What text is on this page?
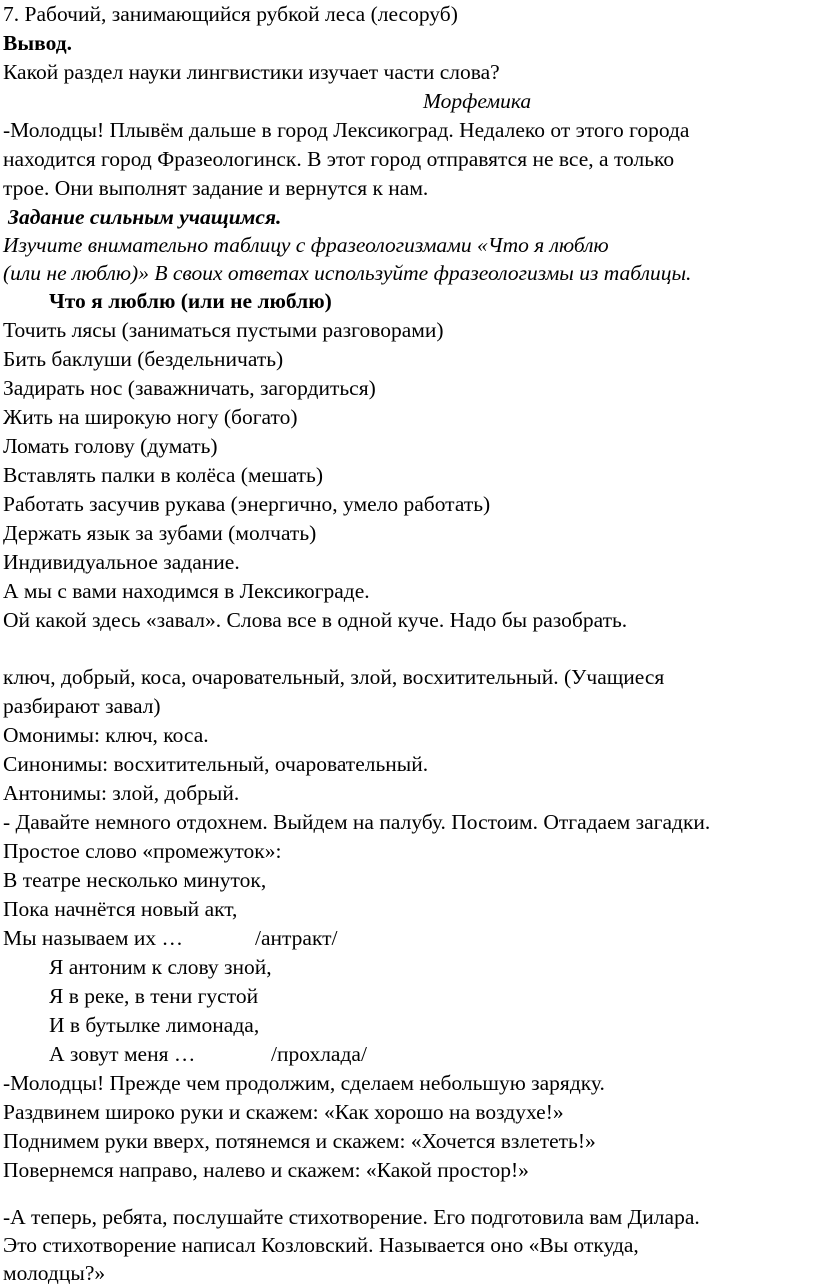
7. Рабочий, занимающийся рубкой леса (лесоруб)
Вывод.
Какой раздел науки лингвистики изучает части слова?
Морфемика
-Молодцы! Плывём дальше в город Лексикоград. Недалеко от этого города
находится город Фразеологинск. В этот город отправятся не все, а только
трое. Они выполнят задание и вернутся к нам.
Задание сильным учащимся.
Изучите внимательно таблицу с фразеологизмами «Что я люблю
(или не люблю)» В своих ответах используйте фразеологизмы из таблицы.
Что я люблю (или не люблю)
Точить лясы (заниматься пустыми разговорами)
Бить баклуши (бездельничать)
Задирать нос (заважничать, загордиться)
Жить на широкую ногу (богато)
Ломать голову (думать)
Вставлять палки в колёса (мешать)
Работать засучив рукава (энергично, умело работать)
Держать язык за зубами (молчать)
Индивидуальное задание.
А мы с вами находимся в Лексикограде.
Ой какой здесь «завал». Слова все в одной куче. Надо бы разобрать.
ключ, добрый, коса, очаровательный, злой, восхитительный. (Учащиеся
разбирают завал)
Омонимы: ключ, коса.
Синонимы: восхитительный, очаровательный.
Антонимы: злой, добрый.
- Давайте немного отдохнем. Выйдем на палубу. Постоим. Отгадаем загадки.
Простое слово «промежуток»:
В театре несколько минуток,
Пока начнётся новый акт,
Мы называем их …	/антракт/
Я антоним к слову зной,
Я в реке, в тени густой
И в бутылке лимонада,
А зовут меня …	/прохлада/
-Молодцы! Прежде чем продолжим, сделаем небольшую зарядку.
Раздвинем широко руки и скажем: «Как хорошо на воздухе!»
Поднимем руки вверх, потянемся и скажем: «Хочется взлететь!»
Повернемся направо, налево и скажем: «Какой простор!»
-А теперь, ребята, послушайте стихотворение. Его подготовила вам Дилара.
Это стихотворение написал Козловский. Называется оно «Вы откуда,
молодцы?»
